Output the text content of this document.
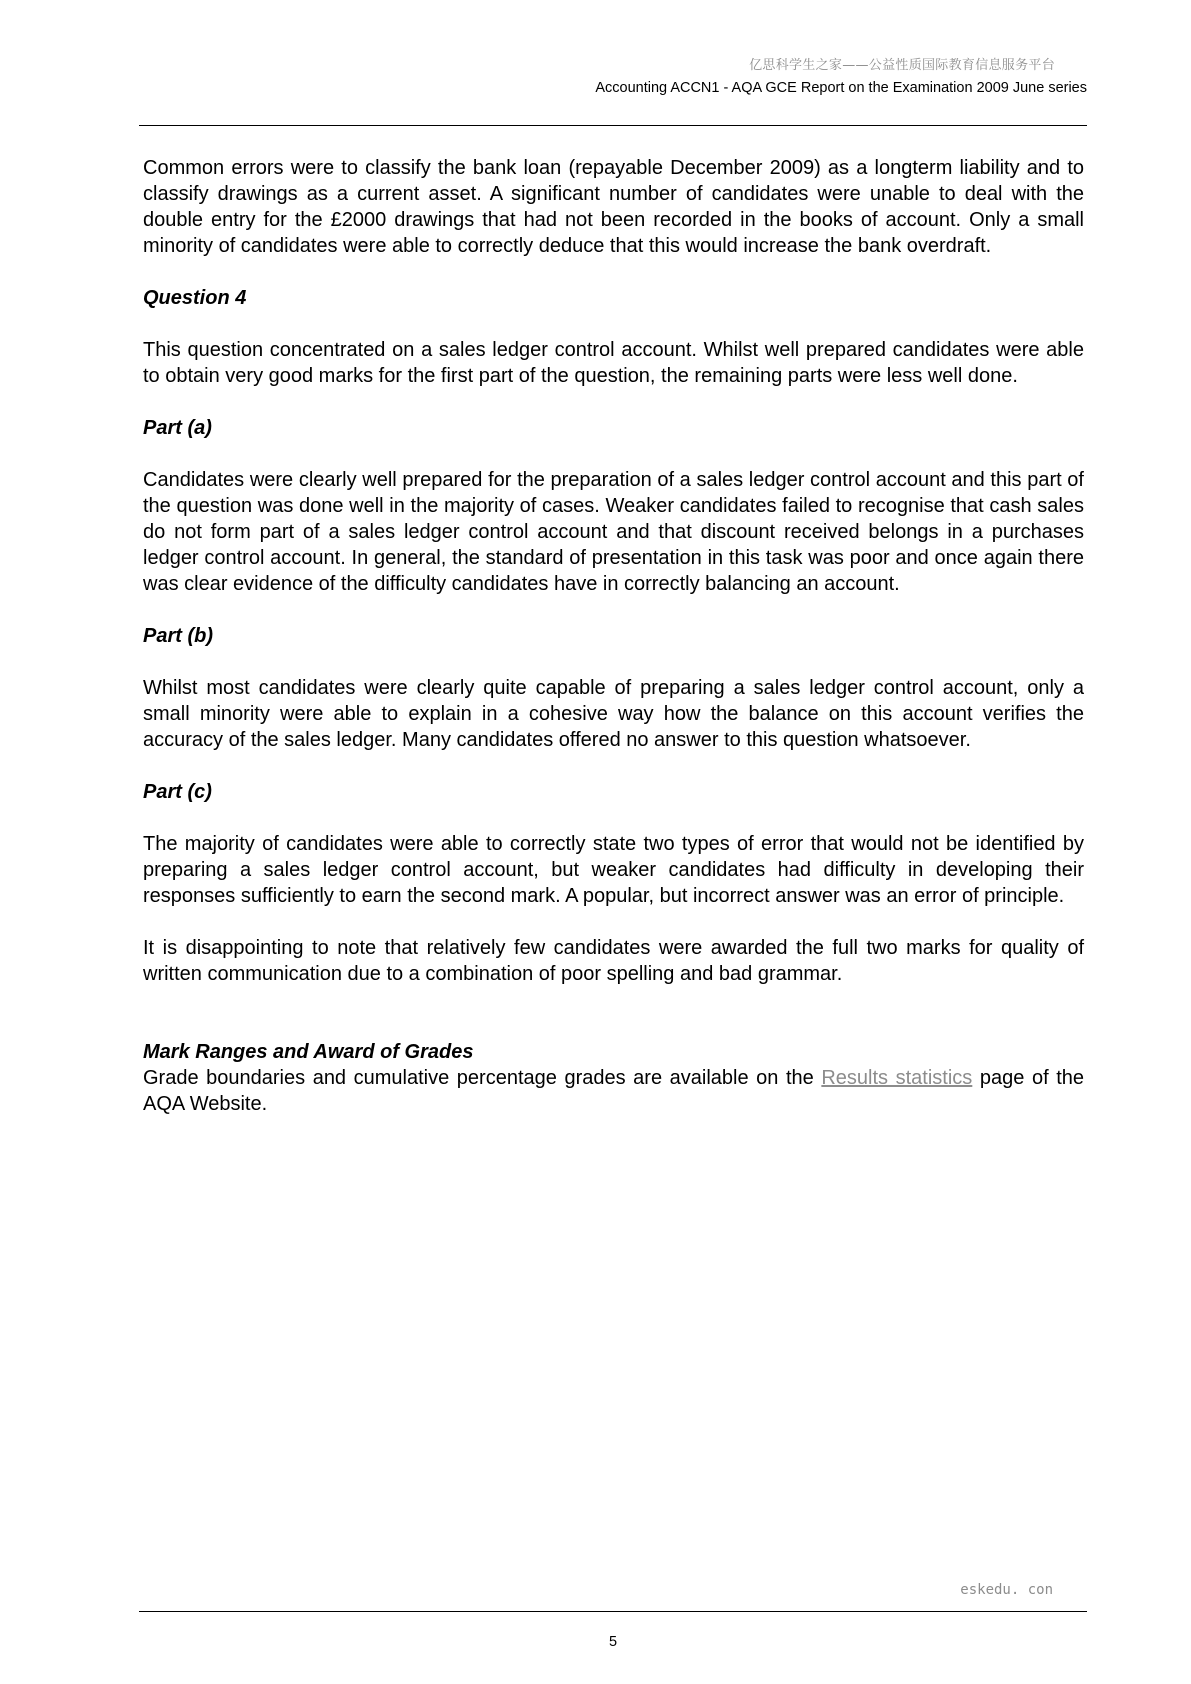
亿思科学生之家——公益性质国际教育信息服务平台
Accounting ACCN1 - AQA GCE Report on the Examination 2009 June series

Common errors were to classify the bank loan (repayable December 2009) as a longterm liability and to classify drawings as a current asset. A significant number of candidates were unable to deal with the double entry for the £2000 drawings that had not been recorded in the books of account. Only a small minority of candidates were able to correctly deduce that this would increase the bank overdraft.

Question 4

This question concentrated on a sales ledger control account. Whilst well prepared candidates were able to obtain very good marks for the first part of the question, the remaining parts were less well done.

Part (a)

Candidates were clearly well prepared for the preparation of a sales ledger control account and this part of the question was done well in the majority of cases. Weaker candidates failed to recognise that cash sales do not form part of a sales ledger control account and that discount received belongs in a purchases ledger control account. In general, the standard of presentation in this task was poor and once again there was clear evidence of the difficulty candidates have in correctly balancing an account.

Part (b)

Whilst most candidates were clearly quite capable of preparing a sales ledger control account, only a small minority were able to explain in a cohesive way how the balance on this account verifies the accuracy of the sales ledger. Many candidates offered no answer to this question whatsoever.

Part (c)

The majority of candidates were able to correctly state two types of error that would not be identified by preparing a sales ledger control account, but weaker candidates had difficulty in developing their responses sufficiently to earn the second mark. A popular, but incorrect answer was an error of principle.

It is disappointing to note that relatively few candidates were awarded the full two marks for quality of written communication due to a combination of poor spelling and bad grammar.

Mark Ranges and Award of Grades

Grade boundaries and cumulative percentage grades are available on the Results statistics page of the AQA Website.

eskedu. con
5
